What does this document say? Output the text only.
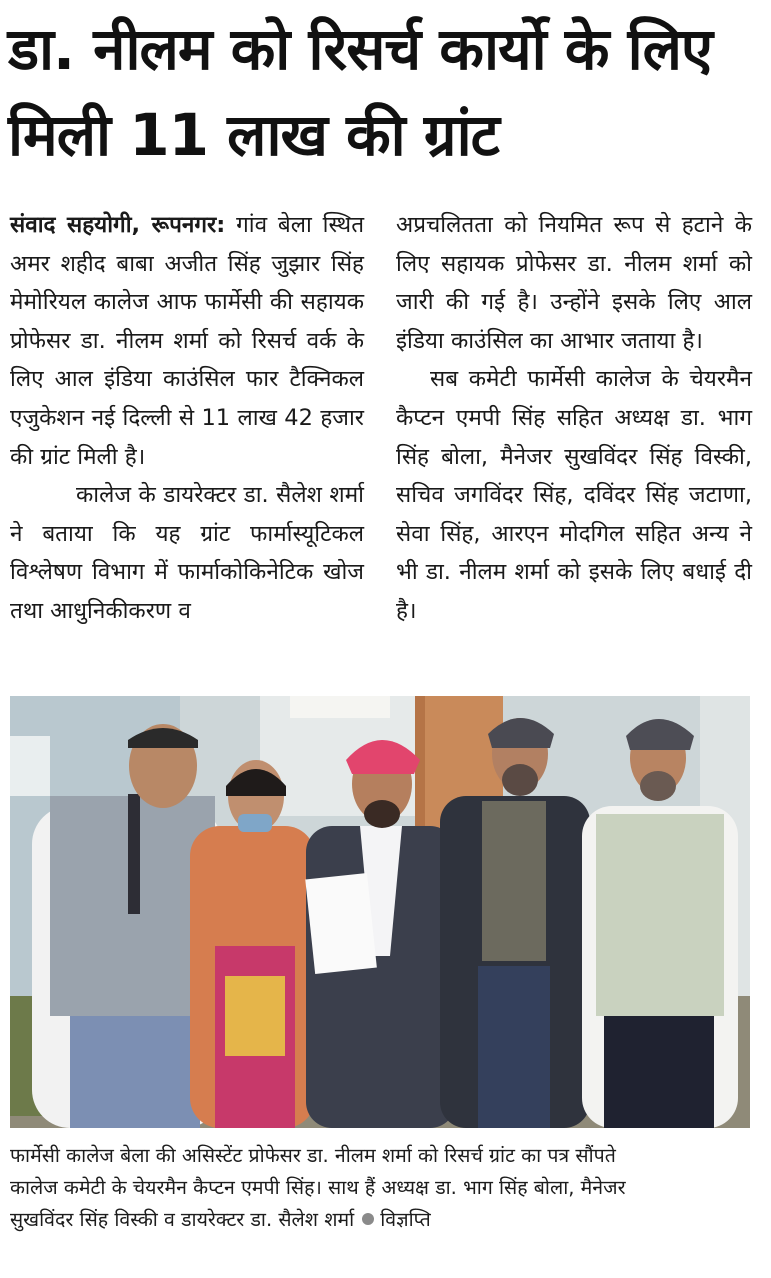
डा. नीलम को रिसर्च कार्यो के लिए मिली 11 लाख की ग्रांट

संवाद सहयोगी, रूपनगर: गांव बेला स्थित अमर शहीद बाबा अजीत सिंह जुझार सिंह मेमोरियल कालेज आफ फार्मेसी की सहायक प्रोफेसर डा. नीलम शर्मा को रिसर्च वर्क के लिए आल इंडिया काउंसिल फार टैक्निकल एजुकेशन नई दिल्ली से 11 लाख 42 हजार की ग्रांट मिली है।

कालेज के डायरेक्टर डा. सैलेश शर्मा ने बताया कि यह ग्रांट फार्मास्यूटिकल विश्लेषण विभाग में फार्माकोकिनेटिक खोज तथा आधुनिकीकरण व

अप्रचलितता को नियमित रूप से हटाने के लिए सहायक प्रोफेसर डा. नीलम शर्मा को जारी की गई है। उन्होंने इसके लिए आल इंडिया काउंसिल का आभार जताया है।

सब कमेटी फार्मेसी कालेज के चेयरमैन कैप्टन एमपी सिंह सहित अध्यक्ष डा. भाग सिंह बोला, मैनेजर सुखविंदर सिंह विस्की, सचिव जगविंदर सिंह, दविंदर सिंह जटाणा, सेवा सिंह, आरएन मोदगिल सहित अन्य ने भी डा. नीलम शर्मा को इसके लिए बधाई दी है।

फार्मेसी कालेज बेला की असिस्टेंट प्रोफेसर डा. नीलम शर्मा को रिसर्च ग्रांट का पत्र सौंपते

कालेज कमेटी के चेयरमैन कैप्टन एमपी सिंह। साथ हैं अध्यक्ष डा. भाग सिंह बोला, मैनेजर

सुखविंदर सिंह विस्की व डायरेक्टर डा. सैलेश शर्मा विज्ञप्ति
